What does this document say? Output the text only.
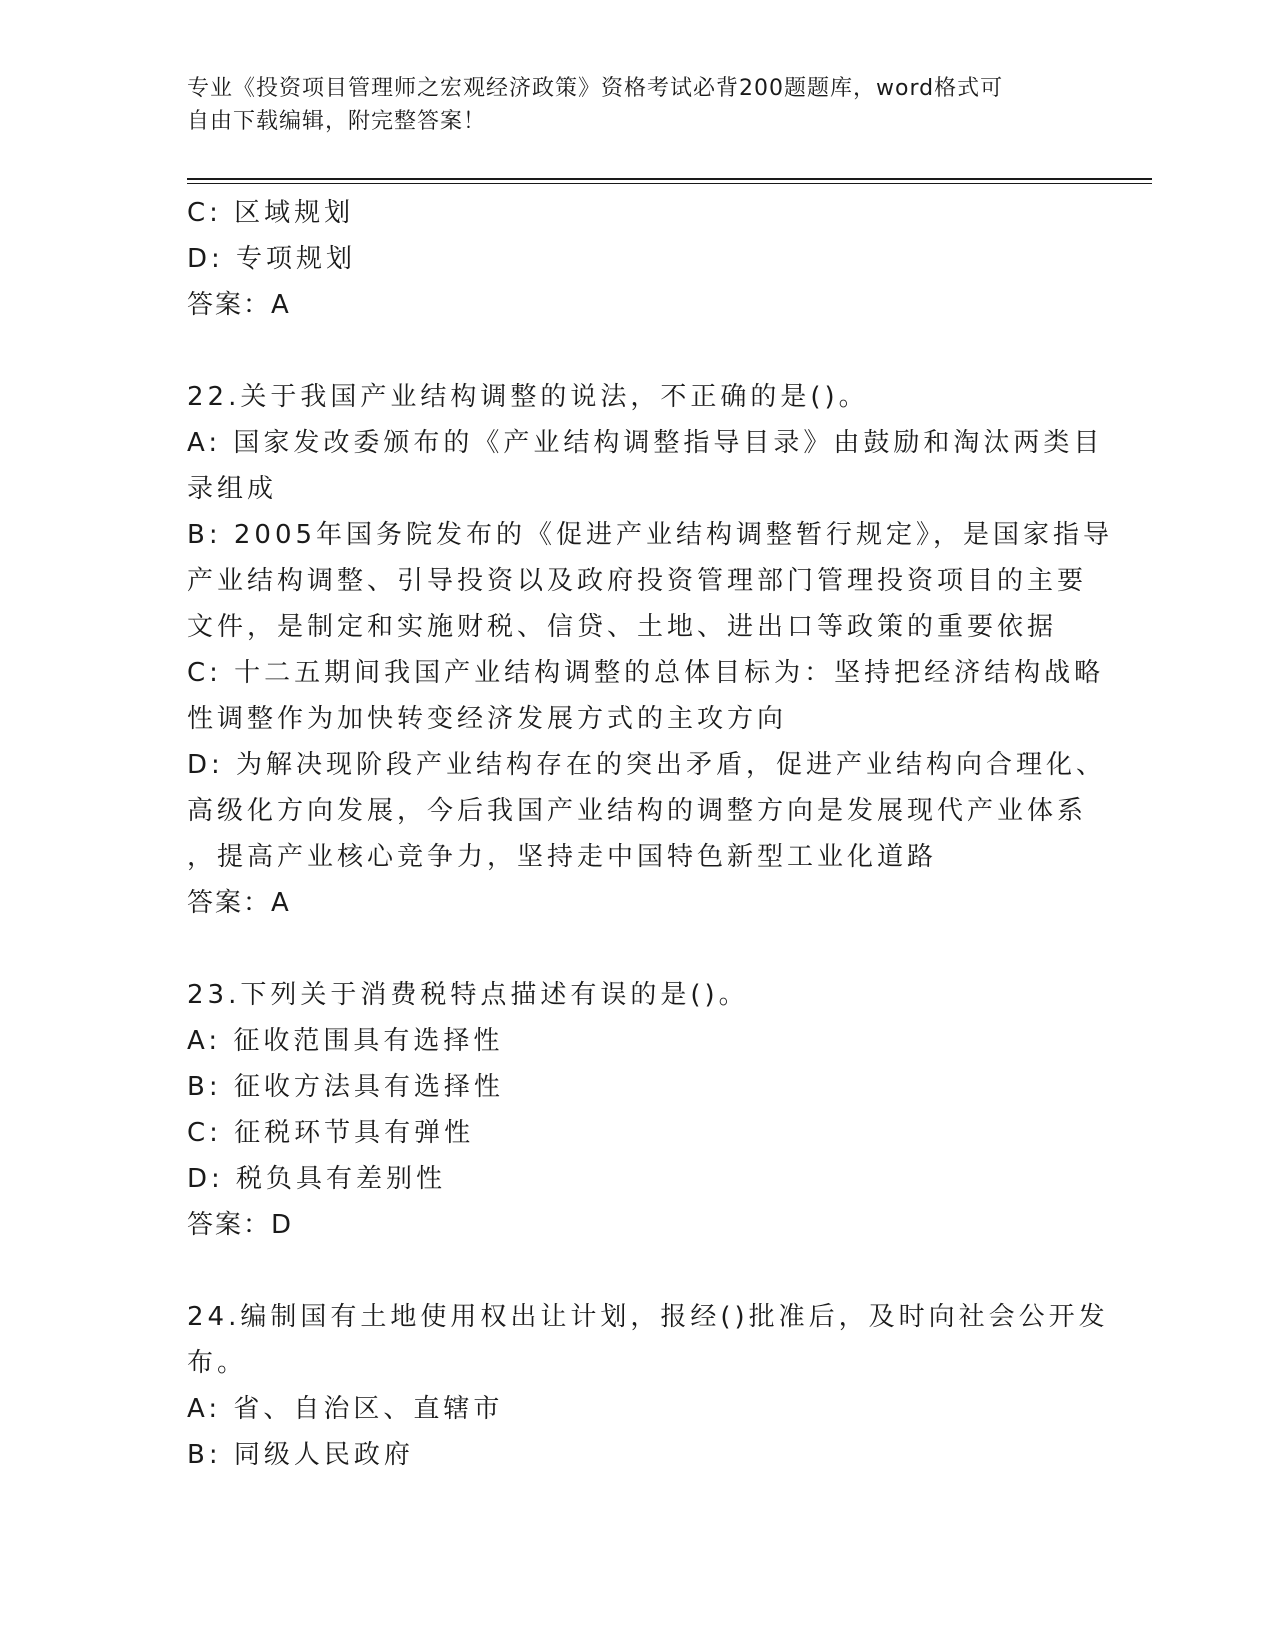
专业《投资项目管理师之宏观经济政策》资格考试必背200题题库，word格式可
自由下载编辑，附完整答案！
C: 区域规划
D: 专项规划
答案：A
22.关于我国产业结构调整的说法，不正确的是()。
A: 国家发改委颁布的《产业结构调整指导目录》由鼓励和淘汰两类目
录组成
B: 2005年国务院发布的《促进产业结构调整暂行规定》，是国家指导
产业结构调整、引导投资以及政府投资管理部门管理投资项目的主要
文件，是制定和实施财税、信贷、土地、进出口等政策的重要依据
C: 十二五期间我国产业结构调整的总体目标为：坚持把经济结构战略
性调整作为加快转变经济发展方式的主攻方向
D: 为解决现阶段产业结构存在的突出矛盾，促进产业结构向合理化、
高级化方向发展，今后我国产业结构的调整方向是发展现代产业体系
，提高产业核心竞争力，坚持走中国特色新型工业化道路
答案：A
23.下列关于消费税特点描述有误的是()。
A: 征收范围具有选择性
B: 征收方法具有选择性
C: 征税环节具有弹性
D: 税负具有差别性
答案：D
24.编制国有土地使用权出让计划，报经()批准后，及时向社会公开发
布。
A: 省、自治区、直辖市
B: 同级人民政府
